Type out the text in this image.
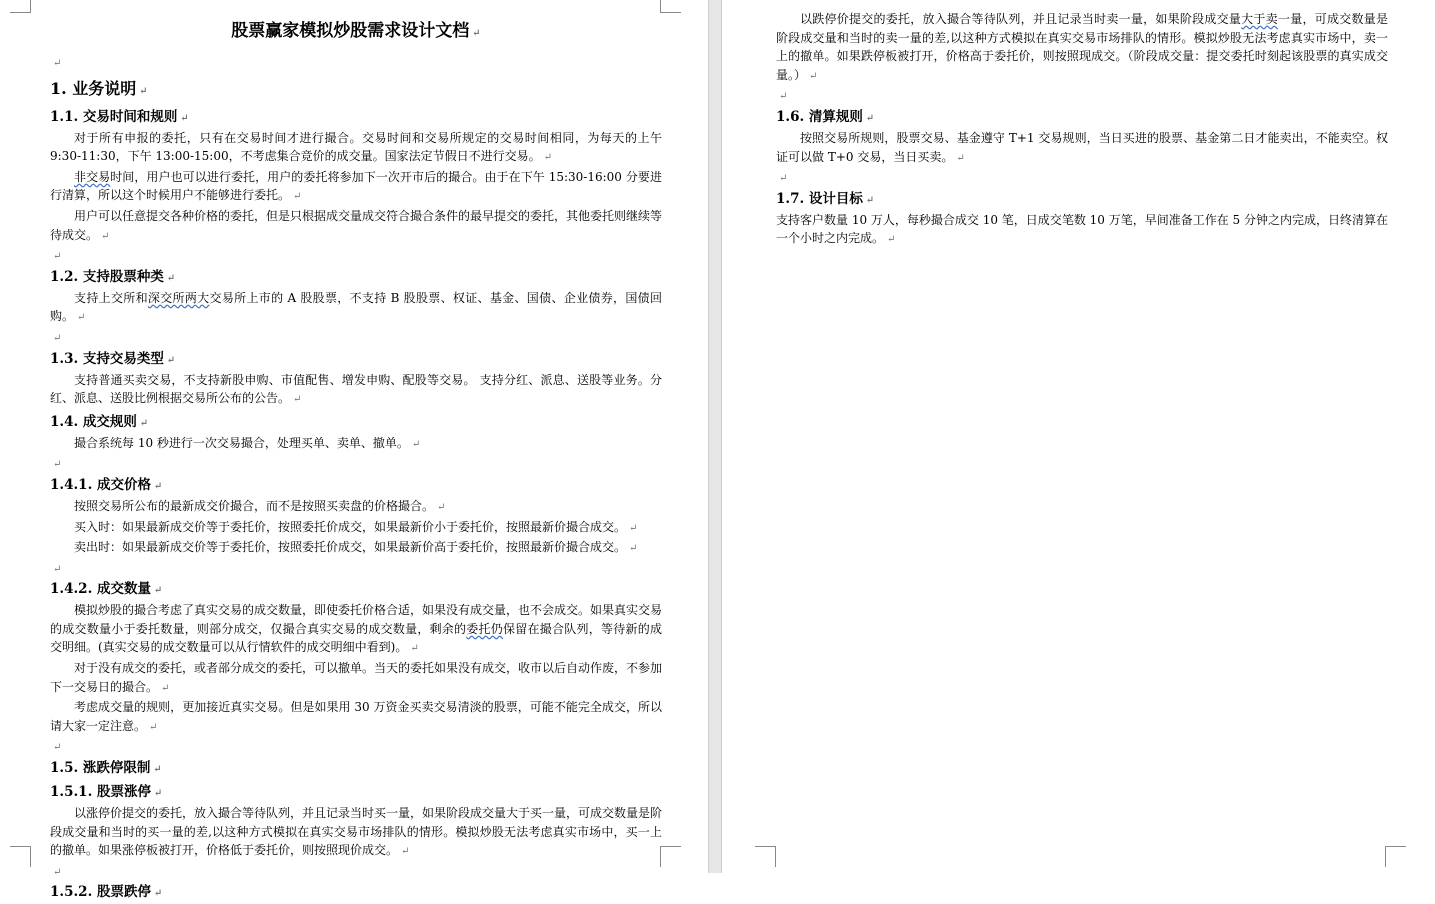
股票赢家模拟炒股需求设计文档 ↵
↵
1. 业务说明 ↵
1.1. 交易时间和规则 ↵

对于所有申报的委托，只有在交易时间才进行撮合。交易时间和交易所规定的交易时间相同，为每天的上午 9:30-11:30，下午 13:00-15:00，不考虑集合竞价的成交量。国家法定节假日不进行交易。 ↵

非交易时间，用户也可以进行委托，用户的委托将参加下一次开市后的撮合。由于在下午 15:30-16:00 分要进行清算，所以这个时候用户不能够进行委托。 ↵

用户可以任意提交各种价格的委托，但是只根据成交量成交符合撮合条件的最早提交的委托，其他委托则继续等待成交。 ↵

↵
1.2. 支持股票种类 ↵

支持上交所和深交所两大交易所上市的 A 股股票，不支持 B 股股票、权证、基金、国债、企业债券，国债回购。 ↵

↵
1.3. 支持交易类型 ↵

支持普通买卖交易，不支持新股申购、市值配售、增发申购、配股等交易。 支持分红、派息、送股等业务。分红、派息、送股比例根据交易所公布的公告。 ↵

1.4. 成交规则 ↵

撮合系统每 10 秒进行一次交易撮合，处理买单、卖单、撤单。 ↵

↵
1.4.1. 成交价格 ↵

按照交易所公布的最新成交价撮合，而不是按照买卖盘的价格撮合。 ↵

买入时：如果最新成交价等于委托价，按照委托价成交，如果最新价小于委托价，按照最新价撮合成交。 ↵

卖出时：如果最新成交价等于委托价，按照委托价成交，如果最新价高于委托价，按照最新价撮合成交。 ↵

↵
1.4.2. 成交数量 ↵

模拟炒股的撮合考虑了真实交易的成交数量，即使委托价格合适，如果没有成交量，也不会成交。如果真实交易的成交数量小于委托数量，则部分成交，仅撮合真实交易的成交数量，剩余的委托仍保留在撮合队列，等待新的成交明细。(真实交易的成交数量可以从行情软件的成交明细中看到)。 ↵

对于没有成交的委托，或者部分成交的委托，可以撤单。当天的委托如果没有成交，收市以后自动作废，不参加下一交易日的撮合。 ↵

考虑成交量的规则，更加接近真实交易。但是如果用 30 万资金买卖交易清淡的股票，可能不能完全成交，所以请大家一定注意。 ↵

↵
1.5. 涨跌停限制 ↵
1.5.1. 股票涨停 ↵

以涨停价提交的委托，放入撮合等待队列，并且记录当时买一量，如果阶段成交量大于买一量，可成交数量是阶段成交量和当时的买一量的差,以这种方式模拟在真实交易市场排队的情形。模拟炒股无法考虑真实市场中，买一上的撤单。如果涨停板被打开，价格低于委托价，则按照现价成交。 ↵

↵
1.5.2. 股票跌停 ↵

以跌停价提交的委托，放入撮合等待队列，并且记录当时卖一量，如果阶段成交量大于卖一量，可成交数量是阶段成交量和当时的卖一量的差,以这种方式模拟在真实交易市场排队的情形。模拟炒股无法考虑真实市场中，卖一上的撤单。如果跌停板被打开，价格高于委托价，则按照现成交。（阶段成交量：提交委托时刻起该股票的真实成交量。） ↵

↵
1.6. 清算规则 ↵

按照交易所规则，股票交易、基金遵守 T+1 交易规则，当日买进的股票、基金第二日才能卖出，不能卖空。权证可以做 T+0 交易，当日买卖。 ↵

↵
1.7. 设计目标 ↵

支持客户数量 10 万人，每秒撮合成交 10 笔，日成交笔数 10 万笔，早间准备工作在 5 分钟之内完成，日终清算在一个小时之内完成。 ↵
